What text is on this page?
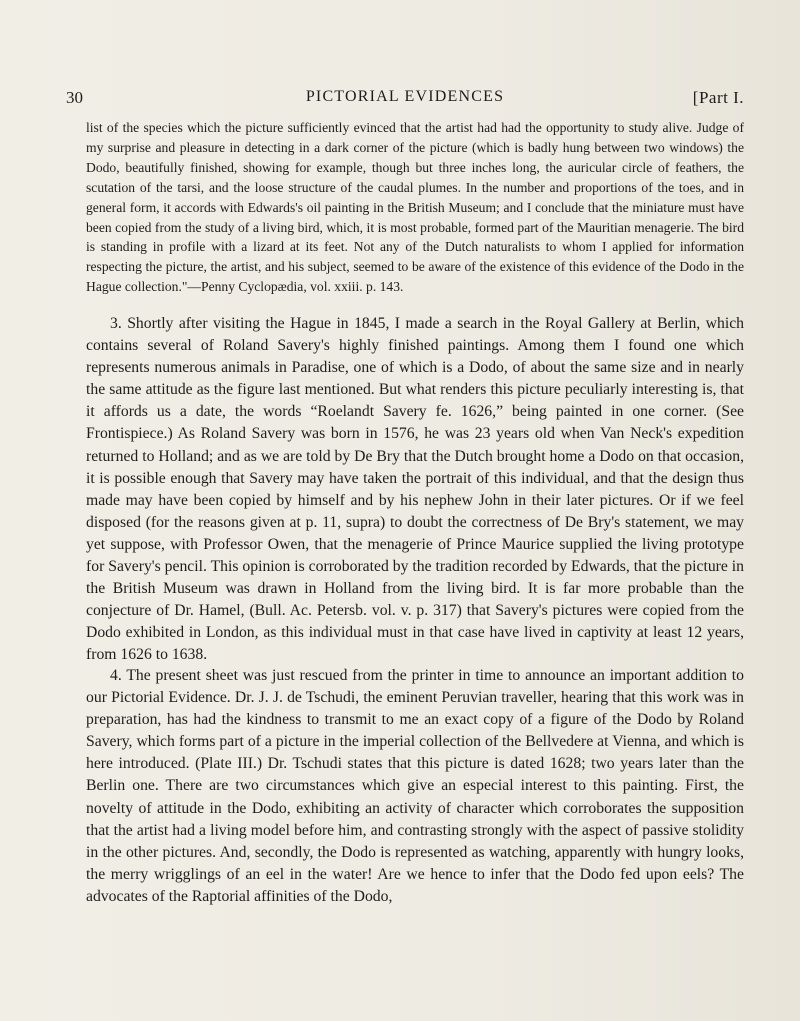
30	PICTORIAL EVIDENCES	[Part I.

list of the species which the picture sufficiently evinced that the artist had had the opportunity to study alive. Judge of my surprise and pleasure in detecting in a dark corner of the picture (which is badly hung between two windows) the Dodo, beautifully finished, showing for example, though but three inches long, the auricular circle of feathers, the scutation of the tarsi, and the loose structure of the caudal plumes. In the number and proportions of the toes, and in general form, it accords with Edwards's oil painting in the British Museum; and I conclude that the miniature must have been copied from the study of a living bird, which, it is most probable, formed part of the Mauritian menagerie. The bird is standing in profile with a lizard at its feet. Not any of the Dutch naturalists to whom I applied for information respecting the picture, the artist, and his subject, seemed to be aware of the existence of this evidence of the Dodo in the Hague collection."—Penny Cyclopædia, vol. xxiii. p. 143.

3. Shortly after visiting the Hague in 1845, I made a search in the Royal Gallery at Berlin, which contains several of Roland Savery's highly finished paintings. Among them I found one which represents numerous animals in Paradise, one of which is a Dodo, of about the same size and in nearly the same attitude as the figure last mentioned. But what renders this picture peculiarly interesting is, that it affords us a date, the words “Roelandt Savery fe. 1626,” being painted in one corner. (See Frontispiece.) As Roland Savery was born in 1576, he was 23 years old when Van Neck's expedition returned to Holland; and as we are told by De Bry that the Dutch brought home a Dodo on that occasion, it is possible enough that Savery may have taken the portrait of this individual, and that the design thus made may have been copied by himself and by his nephew John in their later pictures. Or if we feel disposed (for the reasons given at p. 11, supra) to doubt the correctness of De Bry's statement, we may yet suppose, with Professor Owen, that the menagerie of Prince Maurice supplied the living prototype for Savery's pencil. This opinion is corroborated by the tradition recorded by Edwards, that the picture in the British Museum was drawn in Holland from the living bird. It is far more probable than the conjecture of Dr. Hamel, (Bull. Ac. Petersb. vol. v. p. 317) that Savery's pictures were copied from the Dodo exhibited in London, as this individual must in that case have lived in captivity at least 12 years, from 1626 to 1638.

4. The present sheet was just rescued from the printer in time to announce an important addition to our Pictorial Evidence. Dr. J. J. de Tschudi, the eminent Peruvian traveller, hearing that this work was in preparation, has had the kindness to transmit to me an exact copy of a figure of the Dodo by Roland Savery, which forms part of a picture in the imperial collection of the Bellvedere at Vienna, and which is here introduced. (Plate III.) Dr. Tschudi states that this picture is dated 1628; two years later than the Berlin one. There are two circumstances which give an especial interest to this painting. First, the novelty of attitude in the Dodo, exhibiting an activity of character which corroborates the supposition that the artist had a living model before him, and contrasting strongly with the aspect of passive stolidity in the other pictures. And, secondly, the Dodo is represented as watching, apparently with hungry looks, the merry wrigglings of an eel in the water! Are we hence to infer that the Dodo fed upon eels? The advocates of the Raptorial affinities of the Dodo,
